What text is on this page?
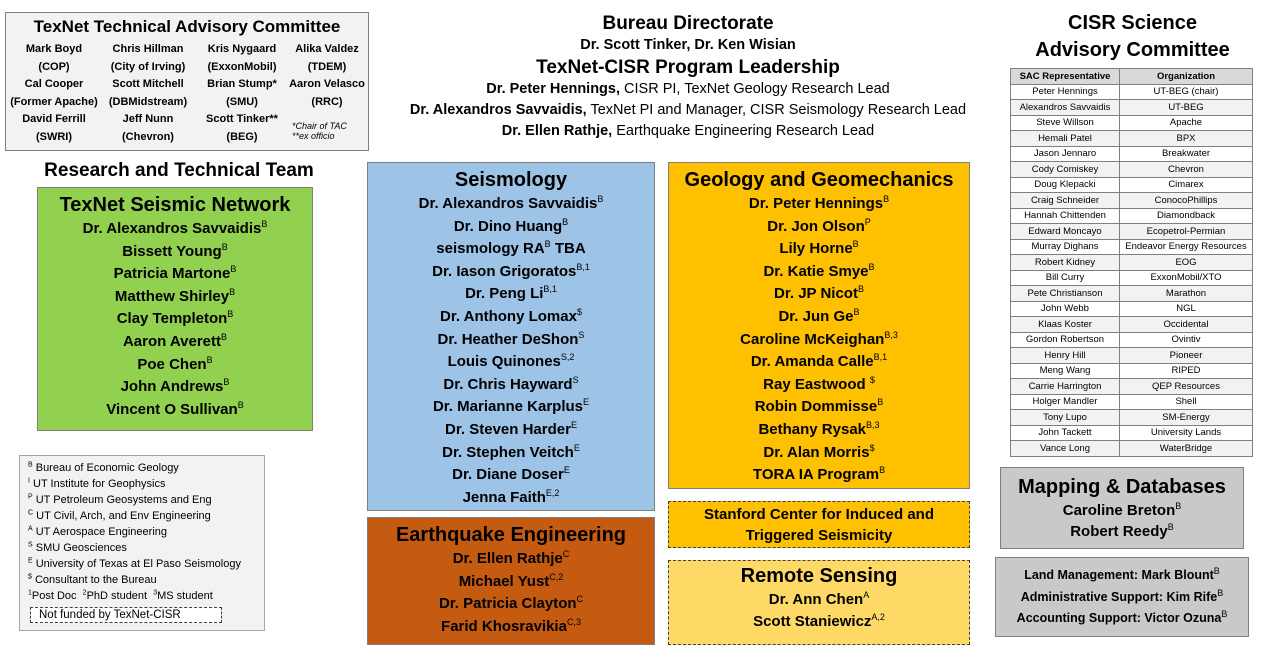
TexNet Technical Advisory Committee
Mark Boyd
(COP)
Cal Cooper
(Former Apache)
David Ferrill
(SWRI)
Chris Hillman
(City of Irving)
Scott Mitchell
(DBMidstream)
Jeff Nunn
(Chevron)
Kris Nygaard
(ExxonMobil)
Brian Stump*
(SMU)
Scott Tinker**
(BEG)
Alika Valdez
(TDEM)
Aaron Velasco
(RRC)
*Chair of TAC
**ex officio
Bureau Directorate
Dr. Scott Tinker, Dr. Ken Wisian
TexNet-CISR Program Leadership
Dr. Peter Hennings, CISR PI, TexNet Geology Research Lead
Dr. Alexandros Savvaidis, TexNet PI and Manager, CISR Seismology Research Lead
Dr. Ellen Rathje, Earthquake Engineering Research Lead
CISR Science
Advisory Committee
SAC Representative	Organization
Peter Hennings	UT-BEG (chair)
Alexandros Savvaidis	UT-BEG
Steve Willson	Apache
Hemali Patel	BPX
Jason Jennaro	Breakwater
Cody Comiskey	Chevron
Doug Klepacki	Cimarex
Craig Schneider	ConocoPhillips
Hannah Chittenden	Diamondback
Edward Moncayo	Ecopetrol-Permian
Murray Dighans	Endeavor Energy Resources
Robert Kidney	EOG
Bill Curry	ExxonMobil/XTO
Pete Christianson	Marathon
John Webb	NGL
Klaas Koster	Occidental
Gordon Robertson	Ovintiv
Henry Hill	Pioneer
Meng Wang	RIPED
Carrie Harrington	QEP Resources
Holger Mandler	Shell
Tony Lupo	SM-Energy
John Tackett	University Lands
Vance Long	WaterBridge
Research and Technical Team
TexNet Seismic Network
Dr. Alexandros Savvaidis$^B$
Bissett Young$^B$
Patricia Martone$^B$
Matthew Shirley$^B$
Clay Templeton$^B$
Aaron Averett$^B$
Poe Chen$^B$
John Andrews$^B$
Vincent O Sullivan$^B$
Seismology
Dr. Alexandros Savvaidis$^B$
Dr. Dino Huang$^B$
seismology $RA^B$ TBA
Dr. Iason Grigoratos$^{B,1}$
Dr. Peng $Li^{B,1}$
Dr. Anthony Lomax$
Dr. Heather DeShon$^S$
Louis Quinones$^{S,2}$
Dr. Chris Hayward$^S$
Dr. Marianne Karplus$^E$
Dr. Steven Harder$^E$
Dr. Stephen Veitch$^E$
Dr. Diane Doser$^E$
Jenna Faith$^{E,2}$
Geology and Geomechanics
Dr. Peter Hennings$^B$
Dr. Jon Olson$^P$
Lily Horne$^B$
Dr. Katie Smye$^B$
Dr. JP Nicot$^B$
Dr. Jun $Ge^B$
Caroline McKeighan$^{B,3}$
Dr. Amanda Calle$^{B,1}$
Ray Eastwood $
Robin Dommisse$^B$
Bethany Rysak$^{B,3}$
Dr. Alan Morris$
TORA IA Program$^B$
Earthquake Engineering
Dr. Ellen Rathje$^C$
Michael Yust$^{C,2}$
Dr. Patricia Clayton$^C$
Farid Khosravikia$^{C,3}$
Stanford Center for Induced and
Triggered Seismicity
Remote Sensing
Dr. Ann Chen$^A$
Scott Staniewicz$^{A,2}$
Mapping & Databases
Caroline Breton$^B$
Robert Reedy$^B$
Land Management: Mark Blount$^B$
Administrative Support: Kim Rife$^B$
Accounting Support: Victor Ozuna$^B$
$^B$ Bureau of Economic Geology
$^I$ UT Institute for Geophysics
$^P$ UT Petroleum Geosystems and Eng
$^C$ UT Civil, Arch, and Env Engineering
$^A$ UT Aerospace Engineering
$^S$ SMU Geosciences
$^E$ University of Texas at El Paso Seismology
$ Consultant to the Bureau
$^1$Post Doc  $^2$PhD student  $^3$MS student
Not funded by TexNet-CISR
